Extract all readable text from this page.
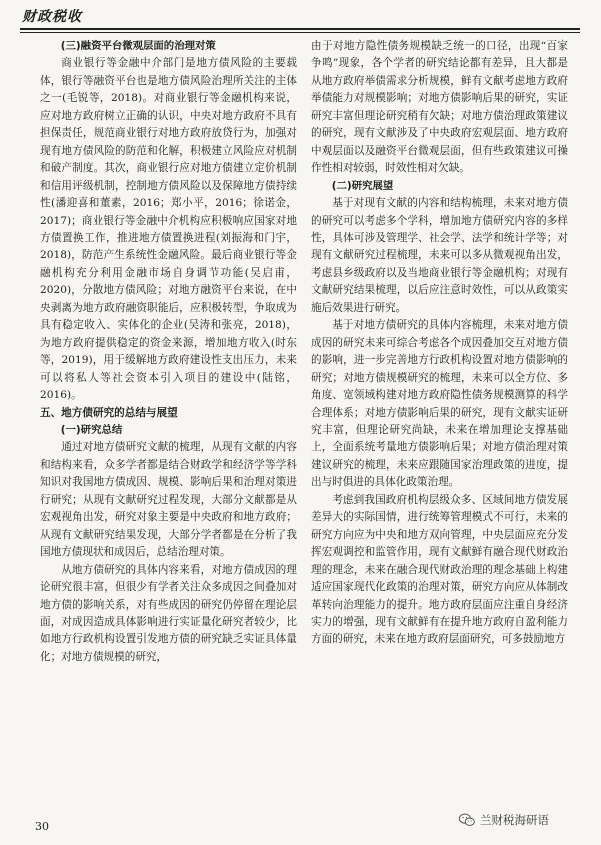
财政税收
(三)融资平台微观层面的治理对策

商业银行等金融中介部门是地方债风险的主要载体，银行等融资平台也是地方债风险治理所关注的主体之一(毛锐等，2018)。对商业银行等金融机构来说，应对地方政府树立正确的认识，中央对地方政府不具有担保责任，规范商业银行对地方政府放贷行为，加强对现有地方债风险的防范和化解，积极建立风险应对机制和破产制度。其次，商业银行应对地方债建立定价机制和信用评级机制，控制地方债风险以及保障地方债持续性(潘迎喜和董素，2016；郑小平，2016；徐诺金，2017)；商业银行等金融中介机构应积极响应国家对地方债置换工作，推进地方债置换进程(刘振海和门宇，2018)，防范产生系统性金融风险。最后商业银行等金融机构充分利用金融市场自身调节功能(吴启甫，2020)，分散地方债风险；对地方融资平台来说，在中央剥离为地方政府融资职能后，应积极转型，争取成为具有稳定收入、实体化的企业(吴涛和张亮，2018)，为地方政府提供稳定的资金来源，增加地方收入(时东等，2019)，用于缓解地方政府建设性支出压力，未来可以将私人等社会资本引入项目的建设中(陆铭，2016)。

五、地方债研究的总结与展望
(一)研究总结

通过对地方债研究文献的梳理，从现有文献的内容和结构来看，众多学者都是结合财政学和经济学等学科知识对我国地方债成因、规模、影响后果和治理对策进行研究；从现有文献研究过程发现，大部分文献都是从宏观视角出发，研究对象主要是中央政府和地方政府；从现有文献研究结果发现，大部分学者都是在分析了我国地方债现状和成因后，总结治理对策。

从地方债研究的具体内容来看，对地方债成因的理论研究很丰富，但很少有学者关注众多成因之间叠加对地方债的影响关系，对有些成因的研究仍停留在理论层面，对成因造成具体影响进行实证量化研究者较少，比如地方行政机构设置引发地方债的研究缺乏实证具体量化；对地方债规模的研究，

由于对地方隐性债务规模缺乏统一的口径，出现“百家争鸣”现象，各个学者的研究结论都有差异，且大都是从地方政府举债需求分析规模，鲜有文献考虑地方政府举债能力对规模影响；对地方债影响后果的研究，实证研究丰富但理论研究稍有欠缺；对地方债治理政策建议的研究，现有文献涉及了中央政府宏观层面、地方政府中观层面以及融资平台微观层面，但有些政策建议可操作性相对较弱，时效性相对欠缺。

(二)研究展望

基于对现有文献的内容和结构梳理，未来对地方债的研究可以考虑多个学科，增加地方债研究内容的多样性，具体可涉及管理学、社会学、法学和统计学等；对现有文献研究过程梳理，未来可以多从微观视角出发，考虑县乡级政府以及当地商业银行等金融机构；对现有文献研究结果梳理，以后应注意时效性，可以从政策实施后效果进行研究。

基于对地方债研究的具体内容梳理，未来对地方债成因的研究未来可综合考虑各个成因叠加交互对地方债的影响，进一步完善地方行政机构设置对地方债影响的研究；对地方债规模研究的梳理，未来可以全方位、多角度、宽领域构建对地方政府隐性债务规模测算的科学合理体系；对地方债影响后果的研究，现有文献实证研究丰富，但理论研究尚缺，未来在增加理论支撑基础上，全面系统考量地方债影响后果；对地方债治理对策建议研究的梳理，未来应跟随国家治理政策的进度，提出与时俱进的具体化政策治理。

考虑到我国政府机构层级众多、区域间地方债发展差异大的实际国情，进行统筹管理模式不可行，未来的研究方向应为中央和地方双向管理，中央层面应充分发挥宏观调控和监管作用，现有文献鲜有融合现代财政治理的理念，未来在融合现代财政治理的理念基础上构建适应国家现代化政策的治理对策，研究方向应从体制改革转向治理能力的提升。地方政府层面应注重自身经济实力的增强，现有文献鲜有在提升地方政府自盈利能力方面的研究，未来在地方政府层面研究，可多鼓励地方

30	兰财税海研语
